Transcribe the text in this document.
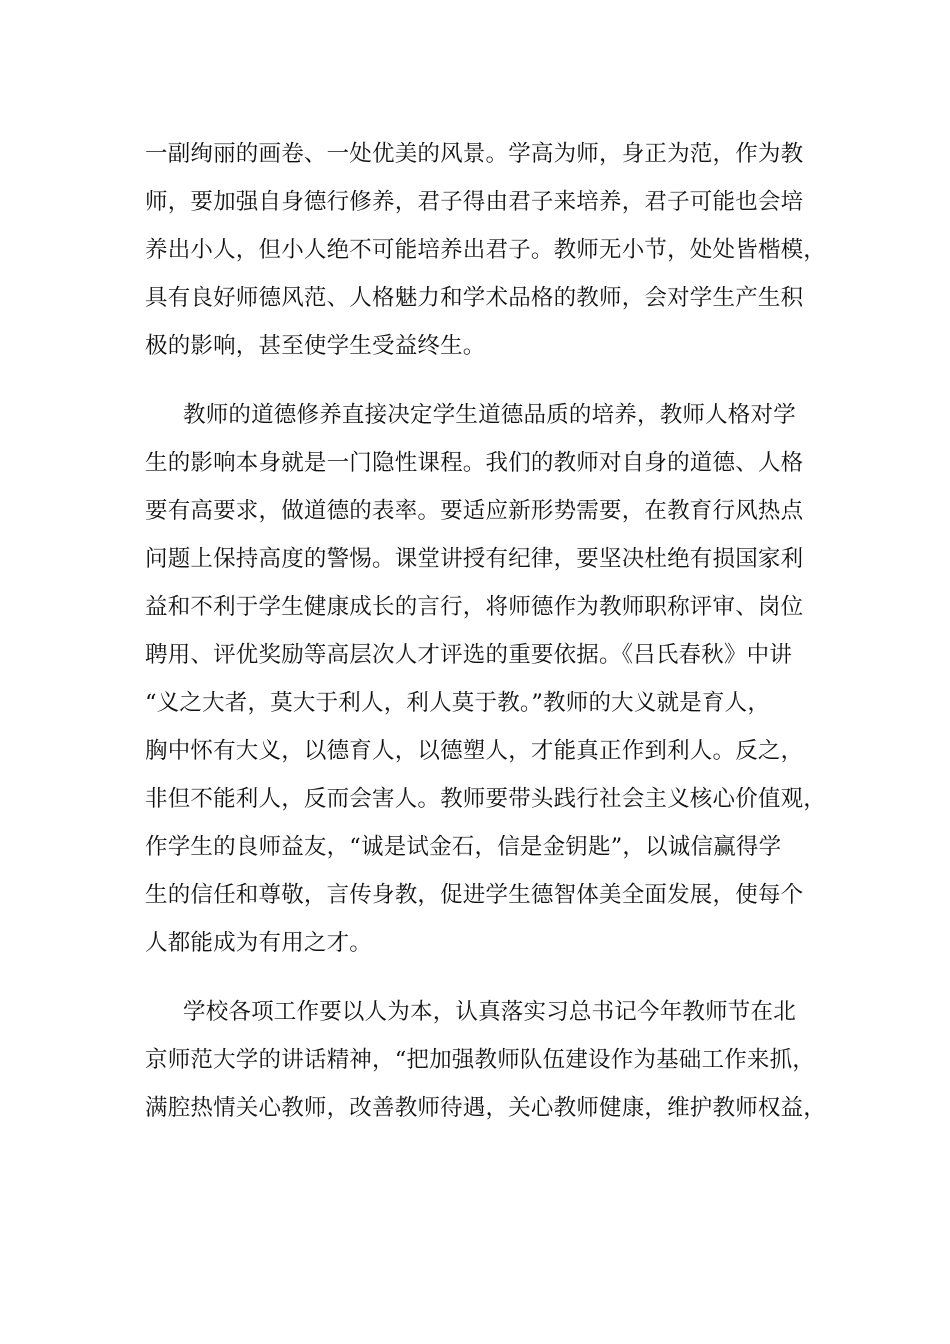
一副绚丽的画卷、一处优美的风景。学高为师，身正为范，作为教
师，要加强自身德行修养，君子得由君子来培养，君子可能也会培
养出小人，但小人绝不可能培养出君子。教师无小节，处处皆楷模，
具有良好师德风范、人格魅力和学术品格的教师，会对学生产生积
极的影响，甚至使学生受益终生。
教师的道德修养直接决定学生道德品质的培养，教师人格对学
生的影响本身就是一门隐性课程。我们的教师对自身的道德、人格
要有高要求，做道德的表率。要适应新形势需要，在教育行风热点
问题上保持高度的警惕。课堂讲授有纪律，要坚决杜绝有损国家利
益和不利于学生健康成长的言行，将师德作为教师职称评审、岗位
聘用、评优奖励等高层次人才评选的重要依据。《吕氏春秋》中讲
“义之大者，莫大于利人，利人莫于教。”教师的大义就是育人，
胸中怀有大义，以德育人，以德塑人，才能真正作到利人。反之，
非但不能利人，反而会害人。教师要带头践行社会主义核心价值观，
作学生的良师益友，“诚是试金石，信是金钥匙”，以诚信赢得学
生的信任和尊敬，言传身教，促进学生德智体美全面发展，使每个
人都能成为有用之才。
学校各项工作要以人为本，认真落实习总书记今年教师节在北
京师范大学的讲话精神，“把加强教师队伍建设作为基础工作来抓，
满腔热情关心教师，改善教师待遇，关心教师健康，维护教师权益，
